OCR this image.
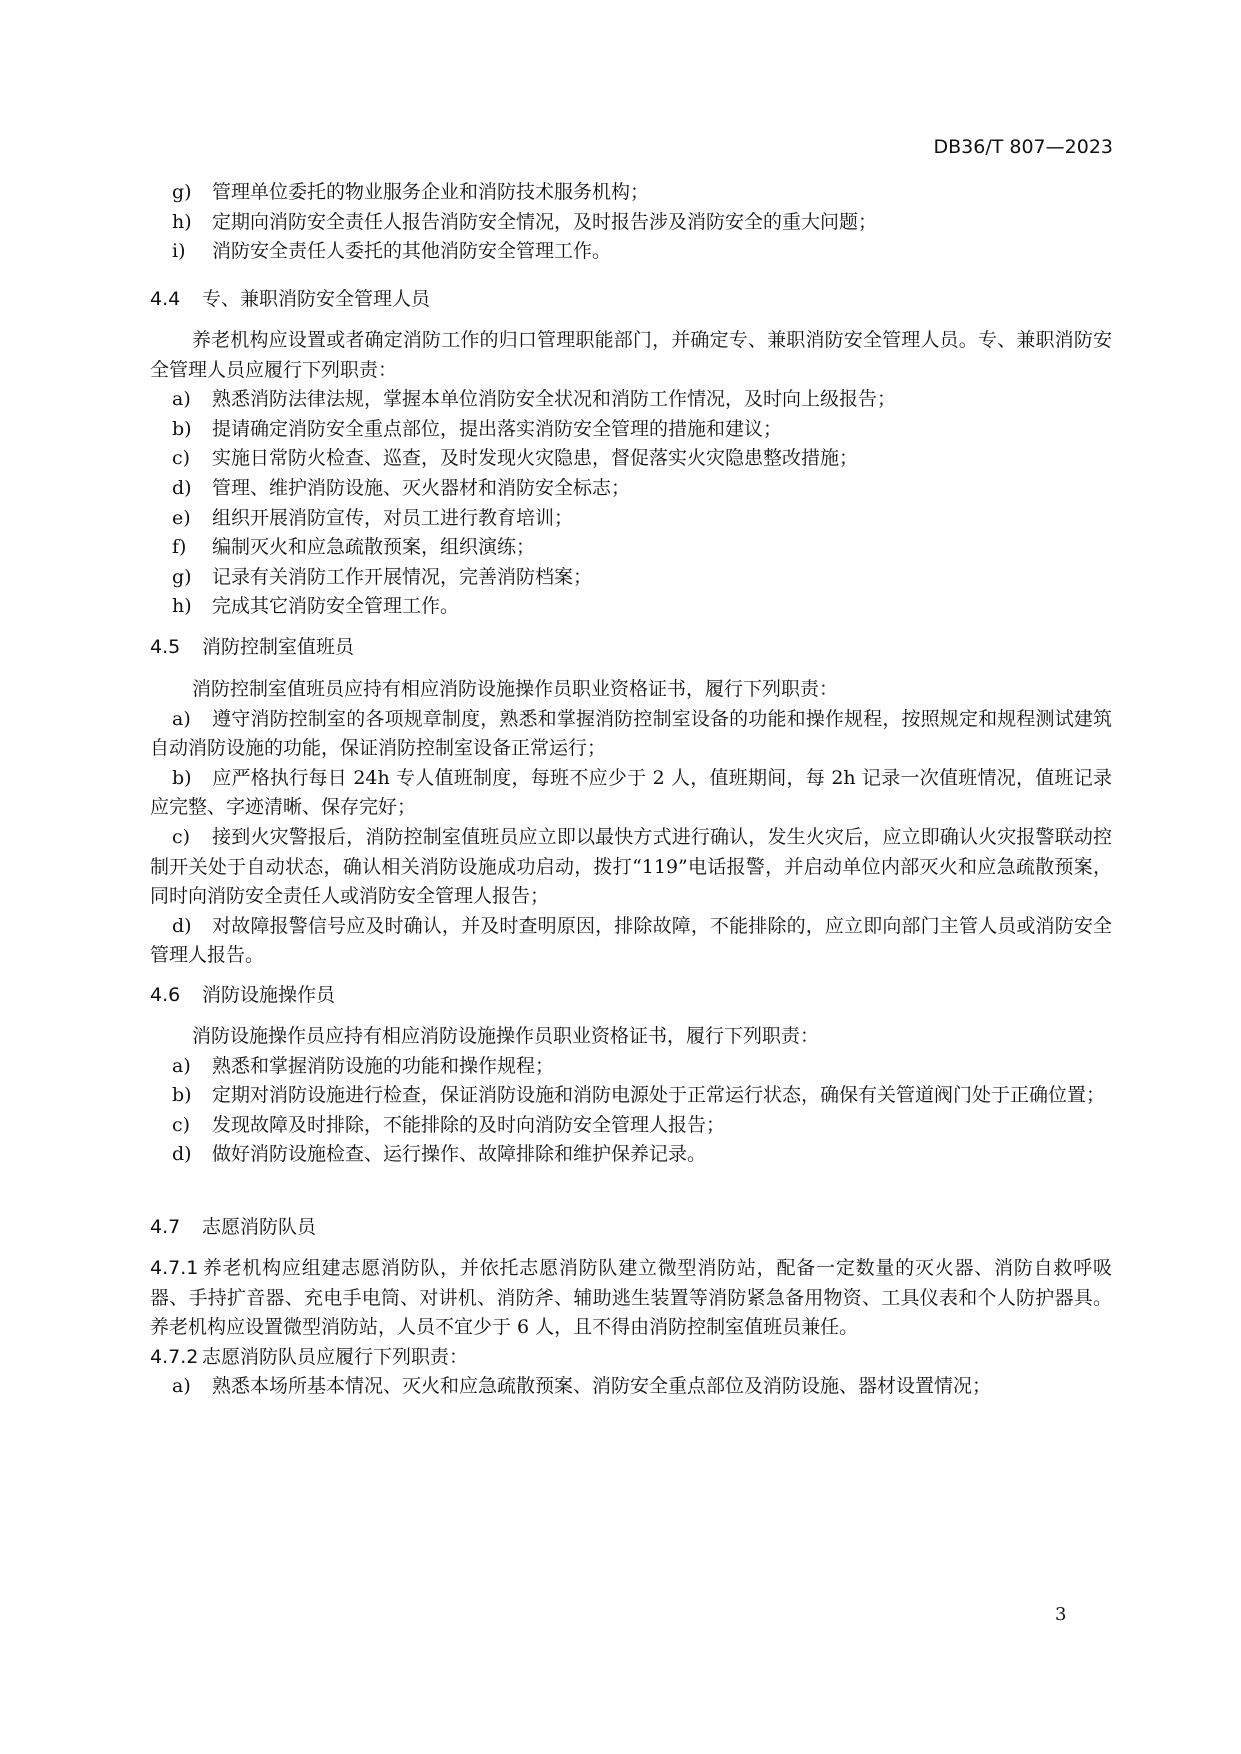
DB36/T 807—2023

g) 管理单位委托的物业服务企业和消防技术服务机构；

h) 定期向消防安全责任人报告消防安全情况，及时报告涉及消防安全的重大问题；

i) 消防安全责任人委托的其他消防安全管理工作。

4.4 专、兼职消防安全管理人员

养老机构应设置或者确定消防工作的归口管理职能部门，并确定专、兼职消防安全管理人员。专、兼职消防安全管理人员应履行下列职责：

a) 熟悉消防法律法规，掌握本单位消防安全状况和消防工作情况，及时向上级报告；

b) 提请确定消防安全重点部位，提出落实消防安全管理的措施和建议；

c) 实施日常防火检查、巡查，及时发现火灾隐患，督促落实火灾隐患整改措施；

d) 管理、维护消防设施、灭火器材和消防安全标志；

e) 组织开展消防宣传，对员工进行教育培训；

f) 编制灭火和应急疏散预案，组织演练；

g) 记录有关消防工作开展情况，完善消防档案；

h) 完成其它消防安全管理工作。

4.5 消防控制室值班员

消防控制室值班员应持有相应消防设施操作员职业资格证书，履行下列职责：

a) 遵守消防控制室的各项规章制度，熟悉和掌握消防控制室设备的功能和操作规程，按照规定和规程测试建筑自动消防设施的功能，保证消防控制室设备正常运行；

b) 应严格执行每日 24h 专人值班制度，每班不应少于 2 人，值班期间，每 2h 记录一次值班情况，值班记录应完整、字迹清晰、保存完好；

c) 接到火灾警报后，消防控制室值班员应立即以最快方式进行确认，发生火灾后，应立即确认火灾报警联动控制开关处于自动状态，确认相关消防设施成功启动，拨打“119”电话报警，并启动单位内部灭火和应急疏散预案，同时向消防安全责任人或消防安全管理人报告；

d) 对故障报警信号应及时确认，并及时查明原因，排除故障，不能排除的，应立即向部门主管人员或消防安全管理人报告。

4.6 消防设施操作员

消防设施操作员应持有相应消防设施操作员职业资格证书，履行下列职责：

a) 熟悉和掌握消防设施的功能和操作规程；

b) 定期对消防设施进行检查，保证消防设施和消防电源处于正常运行状态，确保有关管道阀门处于正确位置；

c) 发现故障及时排除，不能排除的及时向消防安全管理人报告；

d) 做好消防设施检查、运行操作、故障排除和维护保养记录。

4.7 志愿消防队员

4.7.1 养老机构应组建志愿消防队，并依托志愿消防队建立微型消防站，配备一定数量的灭火器、消防自救呼吸器、手持扩音器、充电手电筒、对讲机、消防斧、辅助逃生装置等消防紧急备用物资、工具仪表和个人防护器具。养老机构应设置微型消防站，人员不宜少于 6 人，且不得由消防控制室值班员兼任。

4.7.2 志愿消防队员应履行下列职责：

a) 熟悉本场所基本情况、灭火和应急疏散预案、消防安全重点部位及消防设施、器材设置情况；

3
